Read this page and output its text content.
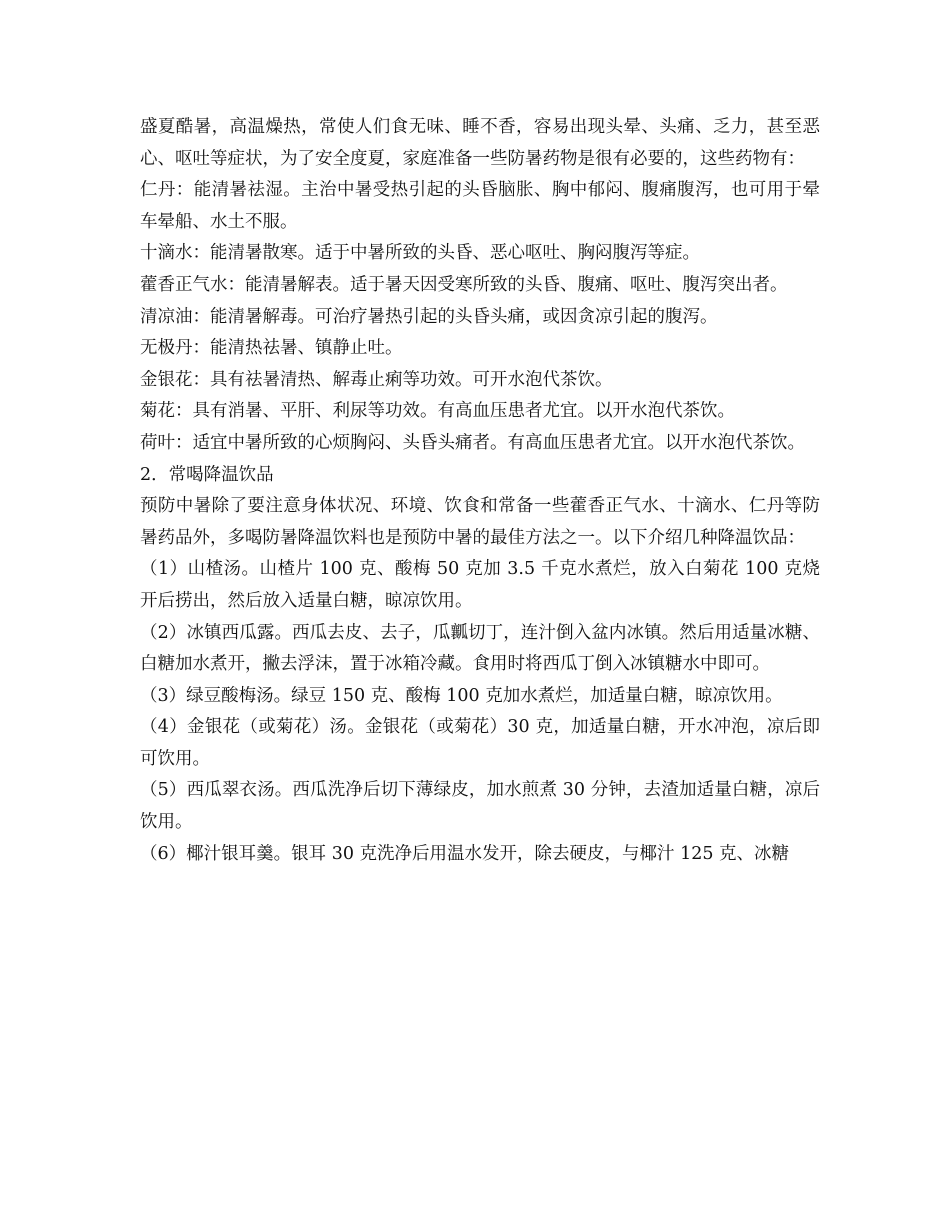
盛夏酷暑，高温燥热，常使人们食无味、睡不香，容易出现头晕、头痛、乏力，甚至恶心、呕吐等症状，为了安全度夏，家庭准备一些防暑药物是很有必要的，这些药物有：

仁丹：能清暑祛湿。主治中暑受热引起的头昏脑胀、胸中郁闷、腹痛腹泻，也可用于晕车晕船、水土不服。

十滴水：能清暑散寒。适于中暑所致的头昏、恶心呕吐、胸闷腹泻等症。

藿香正气水：能清暑解表。适于暑天因受寒所致的头昏、腹痛、呕吐、腹泻突出者。

清凉油：能清暑解毒。可治疗暑热引起的头昏头痛，或因贪凉引起的腹泻。

无极丹：能清热祛暑、镇静止吐。

金银花：具有祛暑清热、解毒止痢等功效。可开水泡代茶饮。

菊花：具有消暑、平肝、利尿等功效。有高血压患者尤宜。以开水泡代茶饮。

荷叶：适宜中暑所致的心烦胸闷、头昏头痛者。有高血压患者尤宜。以开水泡代茶饮。

2．常喝降温饮品

预防中暑除了要注意身体状况、环境、饮食和常备一些藿香正气水、十滴水、仁丹等防暑药品外，多喝防暑降温饮料也是预防中暑的最佳方法之一。以下介绍几种降温饮品：

（1）山楂汤。山楂片 100 克、酸梅 50 克加 3.5 千克水煮烂，放入白菊花 100 克烧开后捞出，然后放入适量白糖，晾凉饮用。

（2）冰镇西瓜露。西瓜去皮、去子，瓜瓤切丁，连汁倒入盆内冰镇。然后用适量冰糖、白糖加水煮开，撇去浮沫，置于冰箱冷藏。食用时将西瓜丁倒入冰镇糖水中即可。

（3）绿豆酸梅汤。绿豆 150 克、酸梅 100 克加水煮烂，加适量白糖，晾凉饮用。

（4）金银花（或菊花）汤。金银花（或菊花）30 克，加适量白糖，开水冲泡，凉后即可饮用。

（5）西瓜翠衣汤。西瓜洗净后切下薄绿皮，加水煎煮 30 分钟，去渣加适量白糖，凉后饮用。

（6）椰汁银耳羹。银耳 30 克洗净后用温水发开，除去硬皮，与椰汁 125 克、冰糖
